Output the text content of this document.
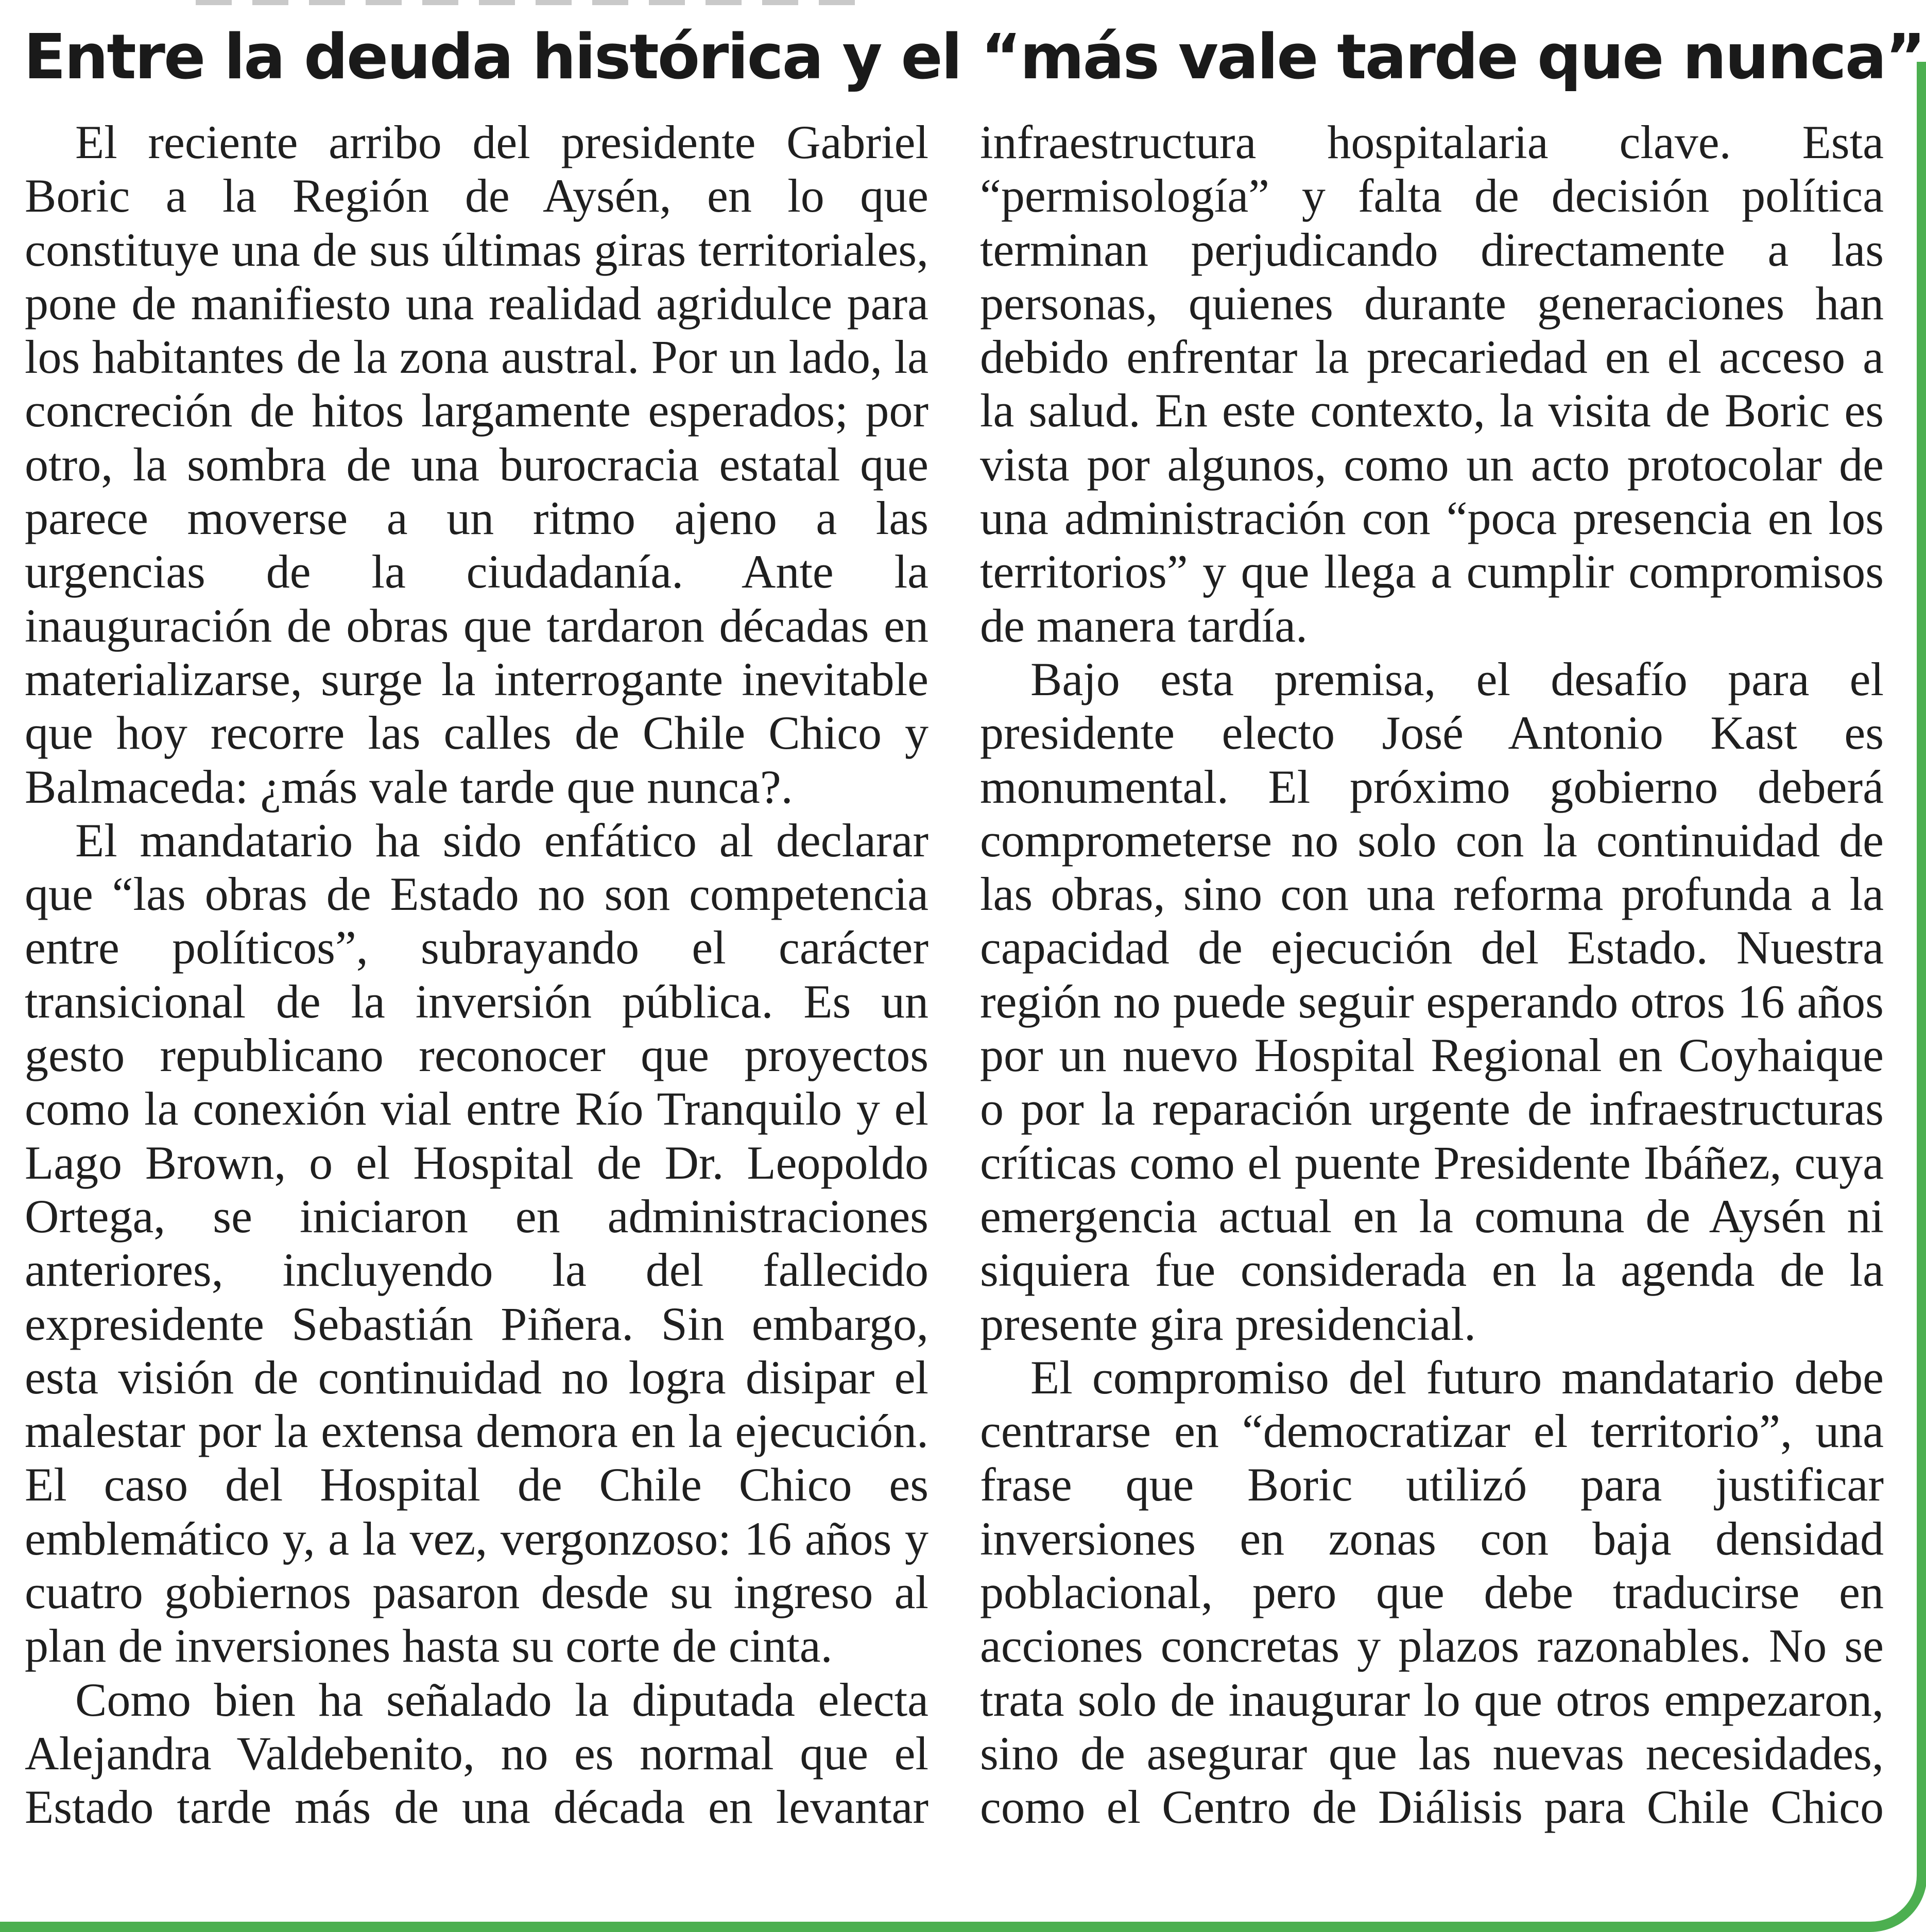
Entre la deuda histórica y el “más vale tarde que nunca”

El reciente arribo del presidente Gabriel Boric a la Región de Aysén, en lo que constituye una de sus últimas giras territoriales, pone de manifiesto una realidad agridulce para los habitantes de la zona austral. Por un lado, la concreción de hitos largamente esperados; por otro, la sombra de una burocracia estatal que parece moverse a un ritmo ajeno a las urgencias de la ciudadanía. Ante la inauguración de obras que tardaron décadas en materializarse, surge la interrogante inevitable que hoy recorre las calles de Chile Chico y Balmaceda: ¿más vale tarde que nunca?.

El mandatario ha sido enfático al declarar que “las obras de Estado no son competencia entre políticos”, subrayando el carácter transicional de la inversión pública. Es un gesto republicano reconocer que proyectos como la conexión vial entre Río Tranquilo y el Lago Brown, o el Hospital de Dr. Leopoldo Ortega, se iniciaron en administraciones anteriores, incluyendo la del fallecido expresidente Sebastián Piñera. Sin embargo, esta visión de continuidad no logra disipar el malestar por la extensa demora en la ejecución. El caso del Hospital de Chile Chico es emblemático y, a la vez, vergonzoso: 16 años y cuatro gobiernos pasaron desde su ingreso al plan de inversiones hasta su corte de cinta.

Como bien ha señalado la diputada electa Alejandra Valdebenito, no es normal que el Estado tarde más de una década en levantar infraestructura hospitalaria clave. Esta “permisología” y falta de decisión política terminan perjudicando directamente a las personas, quienes durante generaciones han debido enfrentar la precariedad en el acceso a la salud. En este contexto, la visita de Boric es vista por algunos, como un acto protocolar de una administración con “poca presencia en los territorios” y que llega a cumplir compromisos de manera tardía.

Bajo esta premisa, el desafío para el presidente electo José Antonio Kast es monumental. El próximo gobierno deberá comprometerse no solo con la continuidad de las obras, sino con una reforma profunda a la capacidad de ejecución del Estado. Nuestra región no puede seguir esperando otros 16 años por un nuevo Hospital Regional en Coyhaique o por la reparación urgente de infraestructuras críticas como el puente Presidente Ibáñez, cuya emergencia actual en la comuna de Aysén ni siquiera fue considerada en la agenda de la presente gira presidencial.

El compromiso del futuro mandatario debe centrarse en “democratizar el territorio”, una frase que Boric utilizó para justificar inversiones en zonas con baja densidad poblacional, pero que debe traducirse en acciones concretas y plazos razonables. No se trata solo de inaugurar lo que otros empezaron, sino de asegurar que las nuevas necesidades, como el Centro de Diálisis para Chile Chico
